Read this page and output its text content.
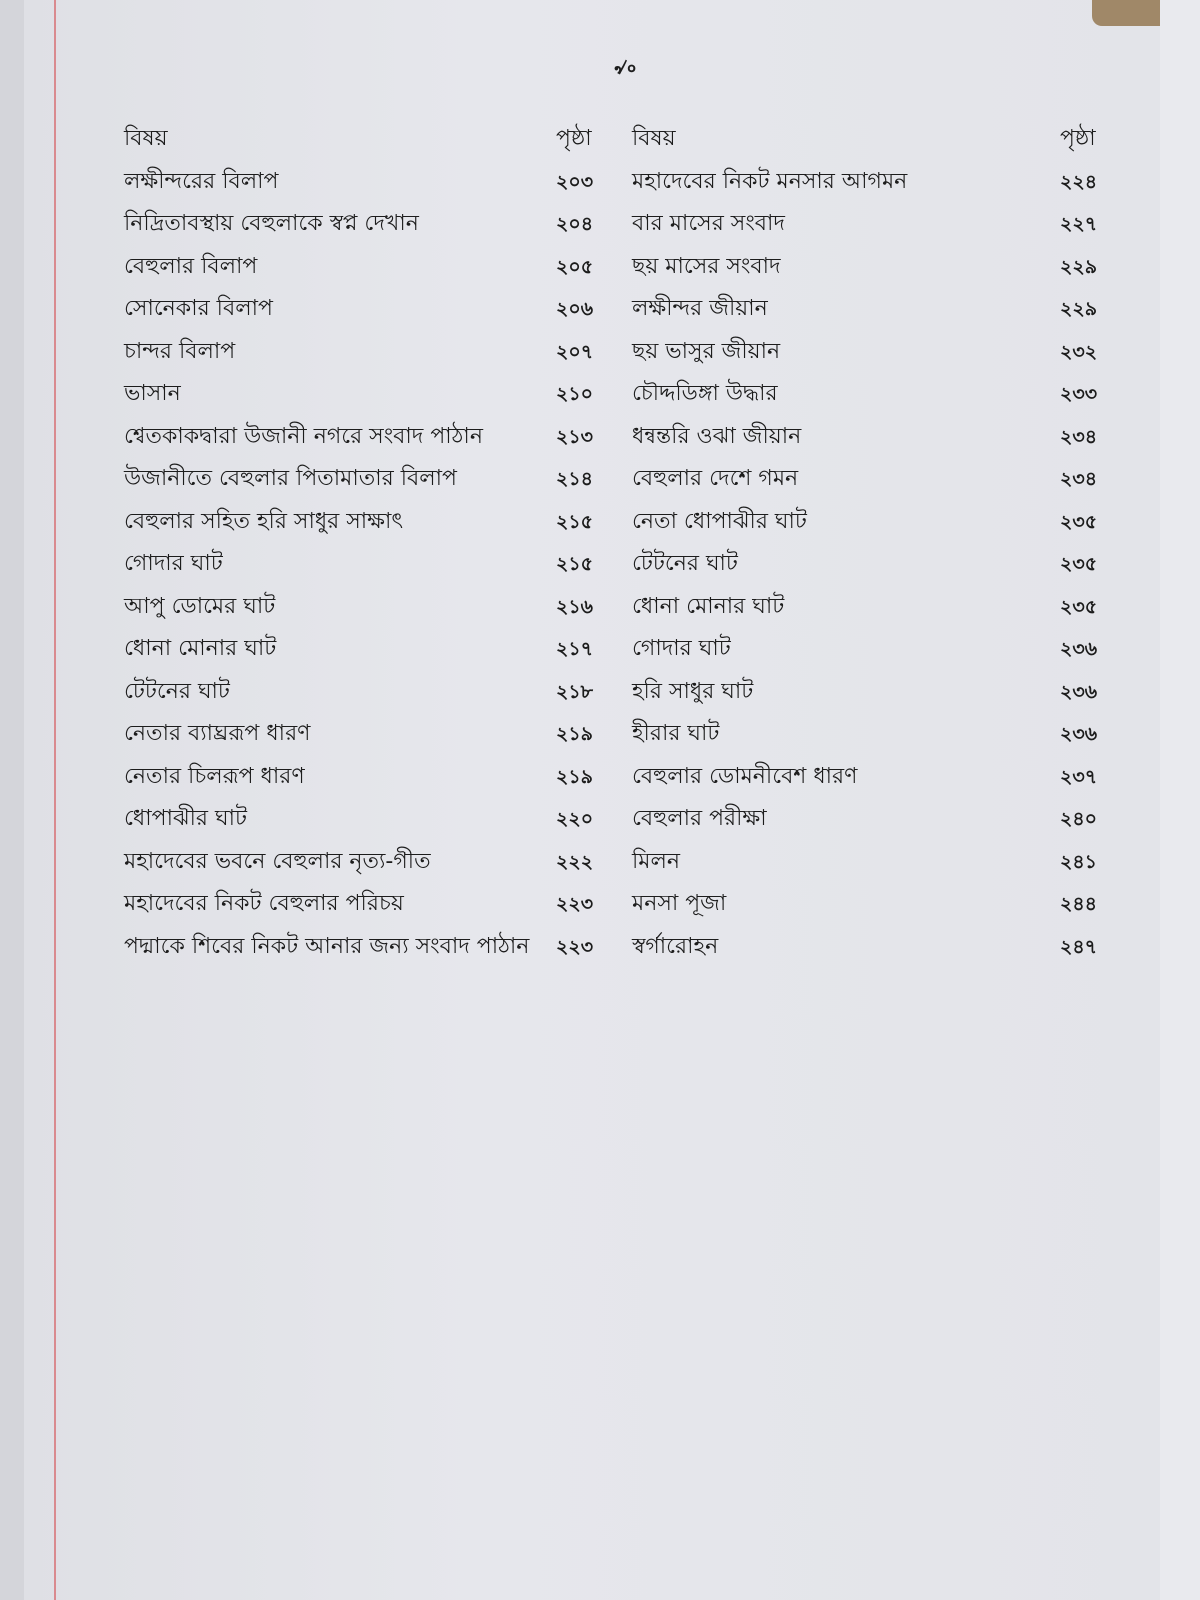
৵৹
বিষয়	পৃষ্ঠা
লক্ষীন্দরের বিলাপ	২০৩
নিদ্রিতাবস্থায় বেহুলাকে স্বপ্ন দেখান	২০৪
বেহুলার বিলাপ	২০৫
সোনেকার বিলাপ	২০৬
চান্দর বিলাপ	২০৭
ভাসান	২১০
শ্বেতকাকদ্বারা উজানী নগরে সংবাদ পাঠান	২১৩
উজানীতে বেহুলার পিতামাতার বিলাপ	২১৪
বেহুলার সহিত হরি সাধুর সাক্ষাৎ	২১৫
গোদার ঘাট	২১৫
আপু ডোমের ঘাট	২১৬
ধোনা মোনার ঘাট	২১৭
টেটনের ঘাট	২১৮
নেতার ব্যাঘ্ররূপ ধারণ	২১৯
নেতার চিলরূপ ধারণ	২১৯
ধোপাঝীর ঘাট	২২০
মহাদেবের ভবনে বেহুলার নৃত্য-গীত	২২২
মহাদেবের নিকট বেহুলার পরিচয়	২২৩
পদ্মাকে শিবের নিকট আনার জন্য সংবাদ পাঠান ২২৩
বিষয়	পৃষ্ঠা
মহাদেবের নিকট মনসার আগমন	২২৪
বার মাসের সংবাদ	২২৭
ছয় মাসের সংবাদ	২২৯
লক্ষীন্দর জীয়ান	২২৯
ছয় ভাসুর জীয়ান	২৩২
চৌদ্দডিঙ্গা উদ্ধার	২৩৩
ধন্বন্তরি ওঝা জীয়ান	২৩৪
বেহুলার দেশে গমন	২৩৪
নেতা ধোপাঝীর ঘাট	২৩৫
টেটনের ঘাট	২৩৫
ধোনা মোনার ঘাট	২৩৫
গোদার ঘাট	২৩৬
হরি সাধুর ঘাট	২৩৬
হীরার ঘাট	২৩৬
বেহুলার ডোমনীবেশ ধারণ	২৩৭
বেহুলার পরীক্ষা	২৪০
মিলন	২৪১
মনসা পূজা	২৪৪
স্বর্গারোহন	২৪৭
